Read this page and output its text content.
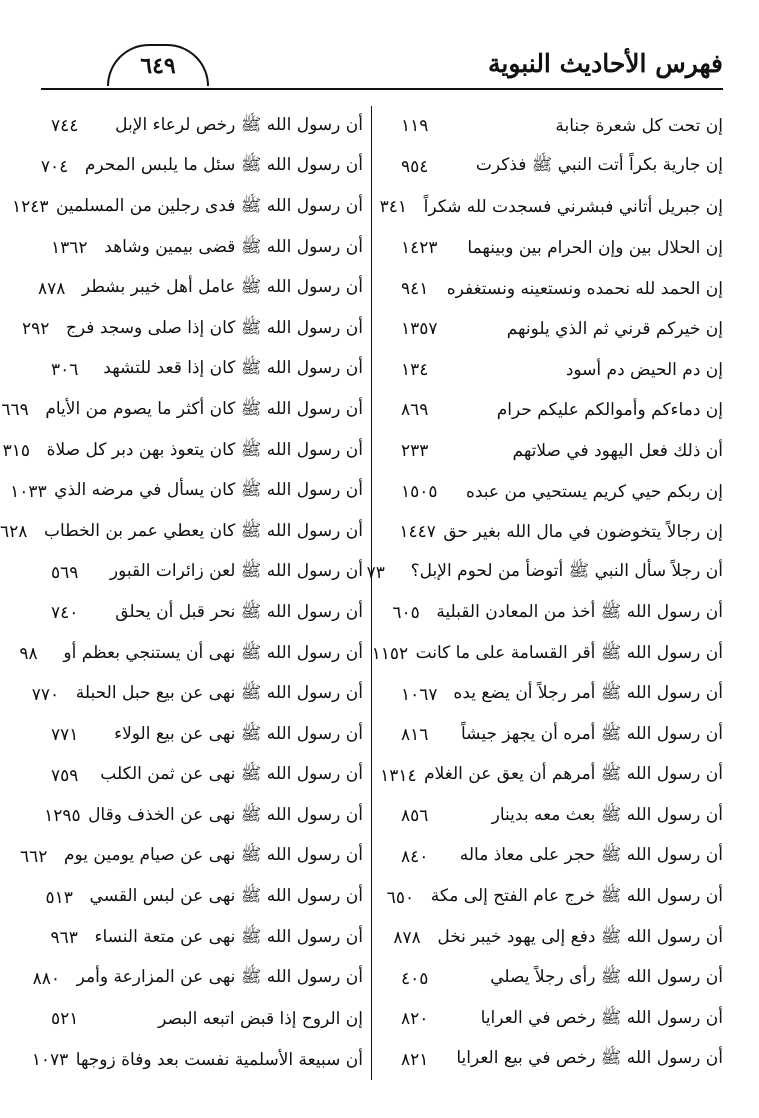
فهرس الأحاديث النبوية
٦٤٩
إن تحت كل شعرة جنابة
١١٩
إن جارية بكراً أتت النبي ﷺ فذكرت
٩٥٤
إن جبريل أتاني فبشرني فسجدت لله شكراً
٣٤١
إن الحلال بين وإن الحرام بين وبينهما
١٤٢٣
إن الحمد لله نحمده ونستعينه ونستغفره
٩٤١
إن خيركم قرني ثم الذي يلونهم
١٣٥٧
إن دم الحيض دم أسود
١٣٤
إن دماءكم وأموالكم عليكم حرام
٨٦٩
أن ذلك فعل اليهود في صلاتهم
٢٣٣
إن ربكم حيي كريم يستحيي من عبده
١٥٠٥
إن رجالاً يتخوضون في مال الله بغير حق
١٤٤٧
أن رجلاً سأل النبي ﷺ أتوضأ من لحوم الإبل؟
٧٣
أن رسول الله ﷺ أخذ من المعادن القبلية
٦٠٥
أن رسول الله ﷺ أقر القسامة على ما كانت
١١٥٢
أن رسول الله ﷺ أمر رجلاً أن يضع يده
١٠٦٧
أن رسول الله ﷺ أمره أن يجهز جيشاً
٨١٦
أن رسول الله ﷺ أمرهم أن يعق عن الغلام
١٣١٤
أن رسول الله ﷺ بعث معه بدينار
٨٥٦
أن رسول الله ﷺ حجر على معاذ ماله
٨٤٠
أن رسول الله ﷺ خرج عام الفتح إلى مكة
٦٥٠
أن رسول الله ﷺ دفع إلى يهود خيبر نخل
٨٧٨
أن رسول الله ﷺ رأى رجلاً يصلي
٤٠٥
أن رسول الله ﷺ رخص في العرايا
٨٢٠
أن رسول الله ﷺ رخص في بيع العرايا
٨٢١
أن رسول الله ﷺ رخص لرعاء الإبل
٧٤٤
أن رسول الله ﷺ سئل ما يلبس المحرم
٧٠٤
أن رسول الله ﷺ فدى رجلين من المسلمين
١٢٤٣
أن رسول الله ﷺ قضى بيمين وشاهد
١٣٦٢
أن رسول الله ﷺ عامل أهل خيبر بشطر
٨٧٨
أن رسول الله ﷺ كان إذا صلى وسجد فرج
٢٩٢
أن رسول الله ﷺ كان إذا قعد للتشهد
٣٠٦
أن رسول الله ﷺ كان أكثر ما يصوم من الأيام
٦٦٩
أن رسول الله ﷺ كان يتعوذ بهن دبر كل صلاة
٣١٥
أن رسول الله ﷺ كان يسأل في مرضه الذي
١٠٣٣
أن رسول الله ﷺ كان يعطي عمر بن الخطاب
٦٢٨
أن رسول الله ﷺ لعن زائرات القبور
٥٦٩
أن رسول الله ﷺ نحر قبل أن يحلق
٧٤٠
أن رسول الله ﷺ نهى أن يستنجي بعظم أو
٩٨
أن رسول الله ﷺ نهى عن بيع حبل الحبلة
٧٧٠
أن رسول الله ﷺ نهى عن بيع الولاء
٧٧١
أن رسول الله ﷺ نهى عن ثمن الكلب
٧٥٩
أن رسول الله ﷺ نهى عن الخذف وقال
١٢٩٥
أن رسول الله ﷺ نهى عن صيام يومين يوم
٦٦٢
أن رسول الله ﷺ نهى عن لبس القسي
٥١٣
أن رسول الله ﷺ نهى عن متعة النساء
٩٦٣
أن رسول الله ﷺ نهى عن المزارعة وأمر
٨٨٠
إن الروح إذا قبض اتبعه البصر
٥٢١
أن سبيعة الأسلمية نفست بعد وفاة زوجها
١٠٧٣
